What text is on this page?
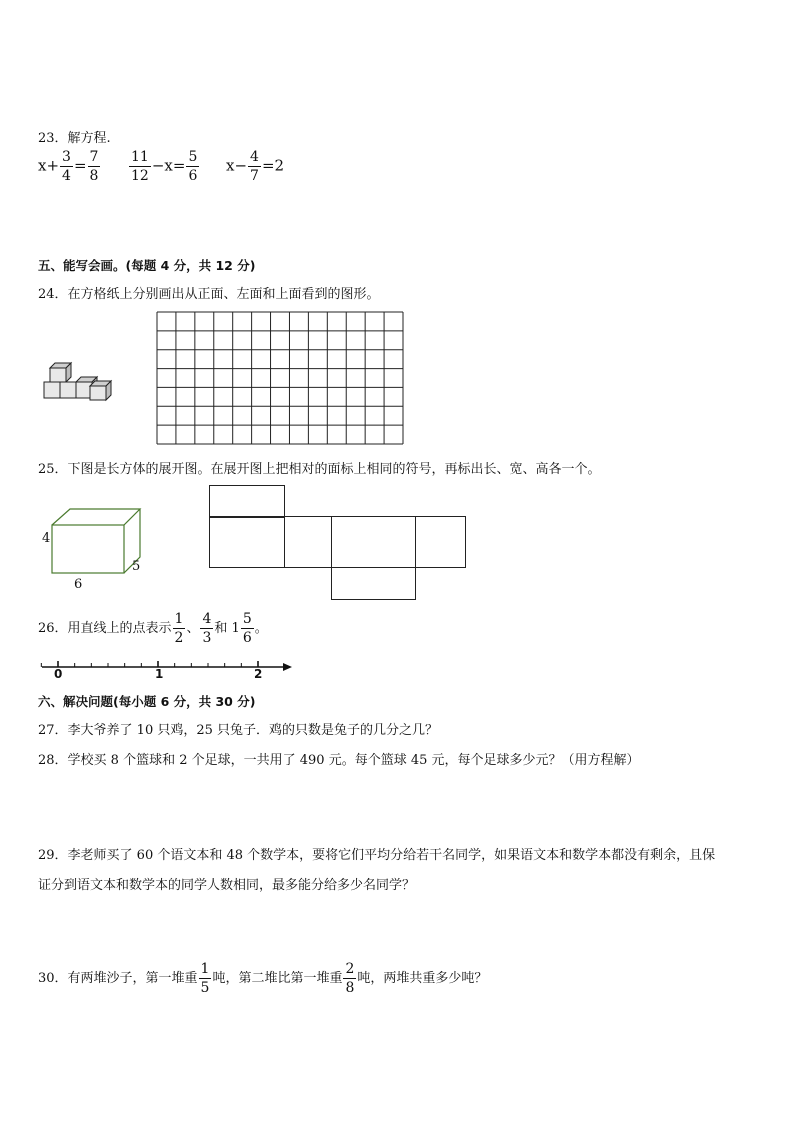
23．解方程.
$x+ \frac{3}{4} = \frac{7}{8} \frac{11}{12} -x= \frac{5}{6} x- \frac{4}{7} =2$
五、能写会画。(每题 4 分，共 12 分)
24．在方格纸上分别画出从正面、左面和上面看到的图形。
25．下图是长方体的展开图。在展开图上把相对的面标上相同的符号，再标出长、宽、高各一个。
4
6
5
26．用直线上的点表示 $\frac{1}{2}$ 、 $\frac{4}{3}$ 和 $1 \frac{5}{6}$ 。
0	1	2
六、解决问题(每小题 6 分，共 30 分)
27．李大爷养了 10 只鸡，25 只兔子．鸡的只数是兔子的几分之几？
28．学校买 8 个篮球和 2 个足球，一共用了 490 元。每个篮球 45 元，每个足球多少元？（用方程解）
29．李老师买了 60 个语文本和 48 个数学本，要将它们平均分给若干名同学，如果语文本和数学本都没有剩余，且保
证分到语文本和数学本的同学人数相同，最多能分给多少名同学？
30．有两堆沙子，第一堆重 $\frac{1}{5}$ 吨，第二堆比第一堆重 $\frac{2}{8}$ 吨，两堆共重多少吨？
